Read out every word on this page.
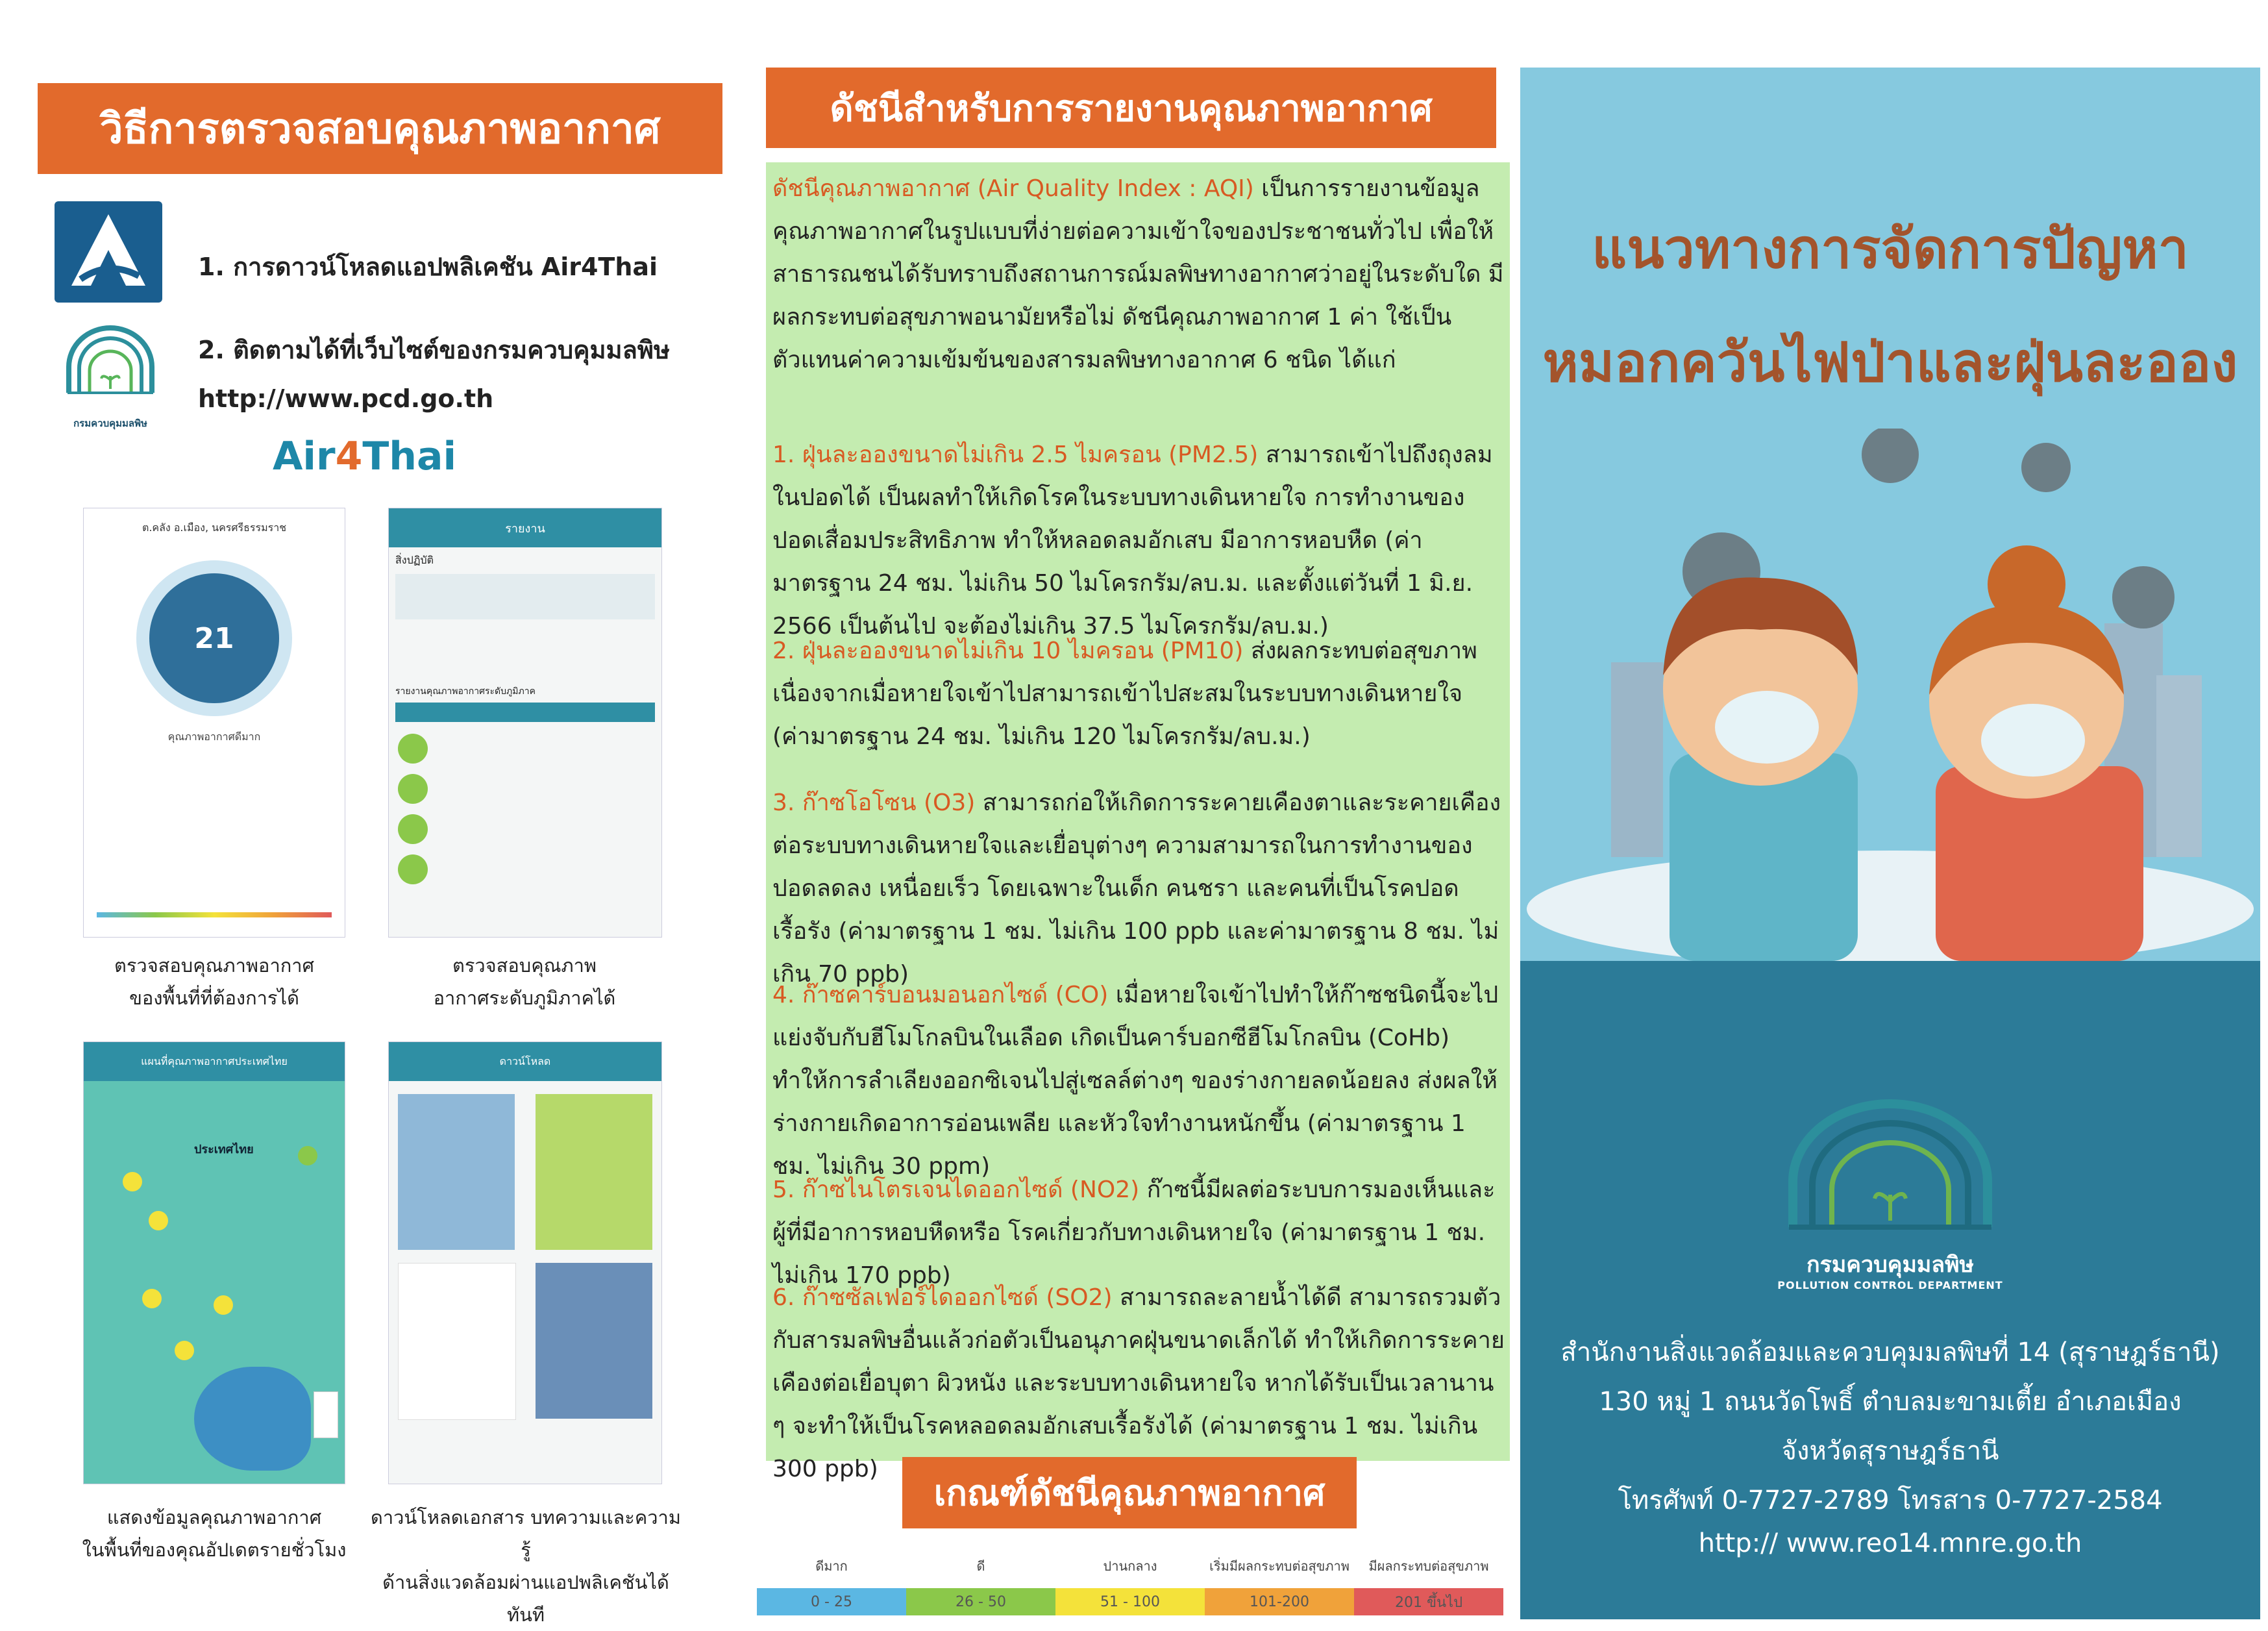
วิธีการตรวจสอบคุณภาพอากาศ
1. การดาวน์โหลดแอปพลิเคชัน Air4Thai
กรมควบคุมมลพิษ
2. ติดตามได้ที่เว็บไซต์ของกรมควบคุมมลพิษ
http://www.pcd.go.th
Air4Thai
ต.คลัง อ.เมือง, นครศรีธรรมราช
21
คุณภาพอากาศดีมาก
ตรวจสอบคุณภาพอากาศ
ของพื้นที่ที่ต้องการได้
รายงาน
สิ่งปฏิบัติ
รายงานคุณภาพอากาศระดับภูมิภาค
ตรวจสอบคุณภาพ
อากาศระดับภูมิภาคได้
แผนที่คุณภาพอากาศประเทศไทย
ประเทศไทย
แสดงข้อมูลคุณภาพอากาศ
ในพื้นที่ของคุณอัปเดตรายชั่วโมง
ดาวน์โหลด
ดาวน์โหลดเอกสาร บทความและความรู้
ด้านสิ่งแวดล้อมผ่านแอปพลิเคชันได้ทันที
ดัชนีสำหรับการรายงานคุณภาพอากาศ
ดัชนีคุณภาพอากาศ (Air Quality Index : AQI) เป็นการรายงานข้อมูลคุณภาพอากาศในรูปแบบที่ง่ายต่อความเข้าใจของประชาชนทั่วไป เพื่อให้สาธารณชนได้รับทราบถึงสถานการณ์มลพิษทางอากาศว่าอยู่ในระดับใด มีผลกระทบต่อสุขภาพอนามัยหรือไม่ ดัชนีคุณภาพอากาศ 1 ค่า ใช้เป็นตัวแทนค่าความเข้มข้นของสารมลพิษทางอากาศ 6 ชนิด ได้แก่
1. ฝุ่นละอองขนาดไม่เกิน 2.5 ไมครอน (PM2.5) สามารถเข้าไปถึงถุงลมในปอดได้ เป็นผลทำให้เกิดโรคในระบบทางเดินหายใจ การทำงานของปอดเสื่อมประสิทธิภาพ ทำให้หลอดลมอักเสบ มีอาการหอบหืด (ค่ามาตรฐาน 24 ชม. ไม่เกิน 50 ไมโครกรัม/ลบ.ม. และตั้งแต่วันที่ 1 มิ.ย. 2566 เป็นต้นไป จะต้องไม่เกิน 37.5 ไมโครกรัม/ลบ.ม.)
2. ฝุ่นละอองขนาดไม่เกิน 10 ไมครอน (PM10) ส่งผลกระทบต่อสุขภาพเนื่องจากเมื่อหายใจเข้าไปสามารถเข้าไปสะสมในระบบทางเดินหายใจ (ค่ามาตรฐาน 24 ชม. ไม่เกิน 120 ไมโครกรัม/ลบ.ม.)
3. ก๊าซโอโซน (O3) สามารถก่อให้เกิดการระคายเคืองตาและระคายเคืองต่อระบบทางเดินหายใจและเยื่อบุต่างๆ ความสามารถในการทำงานของปอดลดลง เหนื่อยเร็ว โดยเฉพาะในเด็ก คนชรา และคนที่เป็นโรคปอดเรื้อรัง (ค่ามาตรฐาน 1 ชม. ไม่เกิน 100 ppb และค่ามาตรฐาน 8 ชม. ไม่เกิน 70 ppb)
4. ก๊าซคาร์บอนมอนอกไซด์ (CO) เมื่อหายใจเข้าไปทำให้ก๊าซชนิดนี้จะไปแย่งจับกับฮีโมโกลบินในเลือด เกิดเป็นคาร์บอกซีฮีโมโกลบิน (CoHb) ทำให้การลำเลียงออกซิเจนไปสู่เซลล์ต่างๆ ของร่างกายลดน้อยลง ส่งผลให้ร่างกายเกิดอาการอ่อนเพลีย และหัวใจทำงานหนักขึ้น (ค่ามาตรฐาน 1 ชม. ไม่เกิน 30 ppm)
5. ก๊าซไนโตรเจนไดออกไซด์ (NO2) ก๊าซนี้มีผลต่อระบบการมองเห็นและผู้ที่มีอาการหอบหืดหรือ โรคเกี่ยวกับทางเดินหายใจ (ค่ามาตรฐาน 1 ชม. ไม่เกิน 170 ppb)
6. ก๊าซซัลเฟอร์ไดออกไซด์ (SO2) สามารถละลายน้ำได้ดี สามารถรวมตัวกับสารมลพิษอื่นแล้วก่อตัวเป็นอนุภาคฝุ่นขนาดเล็กได้ ทำให้เกิดการระคายเคืองต่อเยื่อบุตา ผิวหนัง และระบบทางเดินหายใจ หากได้รับเป็นเวลานาน ๆ จะทำให้เป็นโรคหลอดลมอักเสบเรื้อรังได้ (ค่ามาตรฐาน 1 ชม. ไม่เกิน 300 ppb)
เกณฑ์ดัชนีคุณภาพอากาศ
ดีมาก	ดี	ปานกลาง	เริ่มมีผลกระทบต่อสุขภาพ	มีผลกระทบต่อสุขภาพ
0 - 25	26 - 50	51 - 100	101-200	201 ขึ้นไป
แนวทางการจัดการปัญหา
หมอกควันไฟป่าและฝุ่นละออง
กรมควบคุมมลพิษ
POLLUTION CONTROL DEPARTMENT
สำนักงานสิ่งแวดล้อมและควบคุมมลพิษที่ 14 (สุราษฎร์ธานี)
130 หมู่ 1 ถนนวัดโพธิ์ ตำบลมะขามเตี้ย อำเภอเมือง
จังหวัดสุราษฎร์ธานี
โทรศัพท์ 0-7727-2789 โทรสาร 0-7727-2584
http:// www.reo14.mnre.go.th
